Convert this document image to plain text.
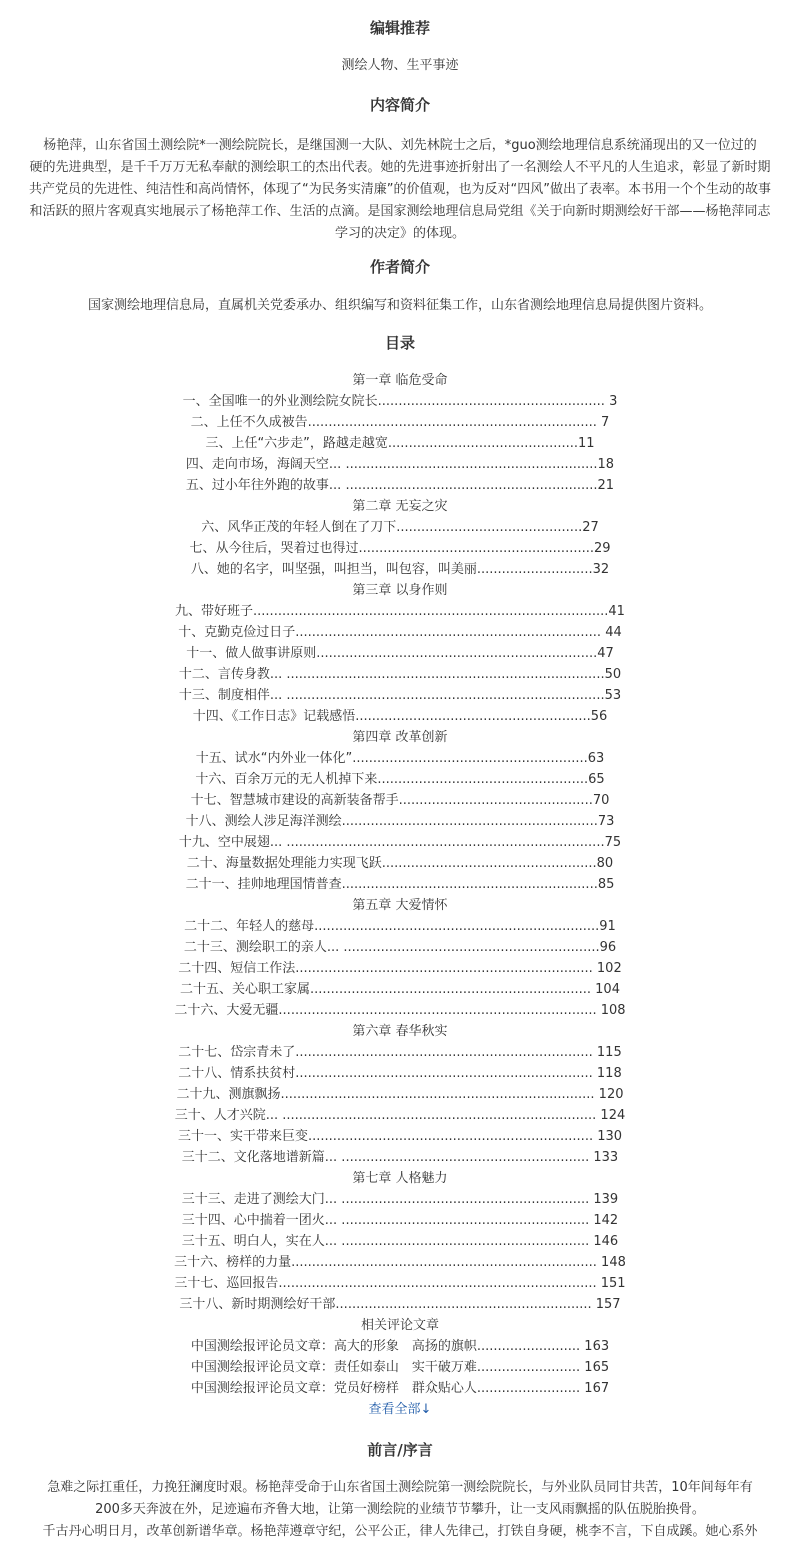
编辑推荐

测绘人物、生平事迹

内容简介

杨艳萍，山东省国土测绘院*一测绘院院长，是继国测一大队、刘先林院士之后，*guo测绘地理信息系统涌现出的又一位过的

硬的先进典型，是千千万万无私奉献的测绘职工的杰出代表。她的先进事迹折射出了一名测绘人不平凡的人生追求，彰显了新时期

共产党员的先进性、纯洁性和高尚情怀，体现了“为民务实清廉”的价值观，也为反对“四风”做出了表率。本书用一个个生动的故事

和活跃的照片客观真实地展示了杨艳萍工作、生活的点滴。是国家测绘地理信息局党组《关于向新时期测绘好干部——杨艳萍同志

学习的决定》的体现。

作者简介

国家测绘地理信息局，直属机关党委承办、组织编写和资料征集工作，山东省测绘地理信息局提供图片资料。

目录
第一章 临危受命
一、全国唯一的外业测绘院女院长....................................................... 3
二、上任不久成被告...................................................................... 7
三、上任“六步走”，路越走越宽..............................................11
四、走向市场，海阔天空... .............................................................18
五、过小年往外跑的故事... .............................................................21
第二章 无妄之灾
六、风华正茂的年轻人倒在了刀下.............................................27
七、从今往后，哭着过也得过.........................................................29
八、她的名字，叫坚强，叫担当，叫包容，叫美丽............................32
第三章 以身作则
九、带好班子......................................................................................41
十、克勤克俭过日子.......................................................................... 44
十一、做人做事讲原则....................................................................47
十二、言传身教... .............................................................................50
十三、制度相伴... .............................................................................53
十四、《工作日志》记载感悟.........................................................56
第四章 改革创新
十五、试水“内外业一体化”.........................................................63
十六、百余万元的无人机掉下来...................................................65
十七、智慧城市建设的高新装备帮手...............................................70
十八、测绘人涉足海洋测绘..............................................................73
十九、空中展翅... .............................................................................75
二十、海量数据处理能力实现飞跃....................................................80
二十一、挂帅地理国情普查..............................................................85
第五章 大爱情怀
二十二、年轻人的慈母.....................................................................91
二十三、测绘职工的亲人... ..............................................................96
二十四、短信工作法........................................................................ 102
二十五、关心职工家属.................................................................... 104
二十六、大爱无疆............................................................................. 108
第六章 春华秋实
二十七、岱宗青未了........................................................................ 115
二十八、情系扶贫村........................................................................ 118
二十九、测旗飘扬............................................................................ 120
三十、人才兴院... ............................................................................ 124
三十一、实干带来巨变..................................................................... 130
三十二、文化落地谱新篇... ............................................................ 133
第七章 人格魅力
三十三、走进了测绘大门... ............................................................ 139
三十四、心中揣着一团火... ............................................................ 142
三十五、明白人，实在人... ............................................................ 146
三十六、榜样的力量.......................................................................... 148
三十七、巡回报告............................................................................. 151
三十八、新时期测绘好干部.............................................................. 157
相关评论文章
中国测绘报评论员文章：高大的形象　高扬的旗帜......................... 163
中国测绘报评论员文章：责任如泰山　实干破万难......................... 165
中国测绘报评论员文章：党员好榜样　群众贴心人......................... 167
查看全部↓
前言/序言

急难之际扛重任，力挽狂澜度时艰。杨艳萍受命于山东省国土测绘院第一测绘院院长，与外业队员同甘共苦，10年间每年有

200多天奔波在外，足迹遍布齐鲁大地，让第一测绘院的业绩节节攀升，让一支风雨飘摇的队伍脱胎换骨。

千古丹心明日月，改革创新谱华章。杨艳萍遵章守纪，公平公正，律人先律己，打铁自身硬，桃李不言，下自成蹊。她心系外
